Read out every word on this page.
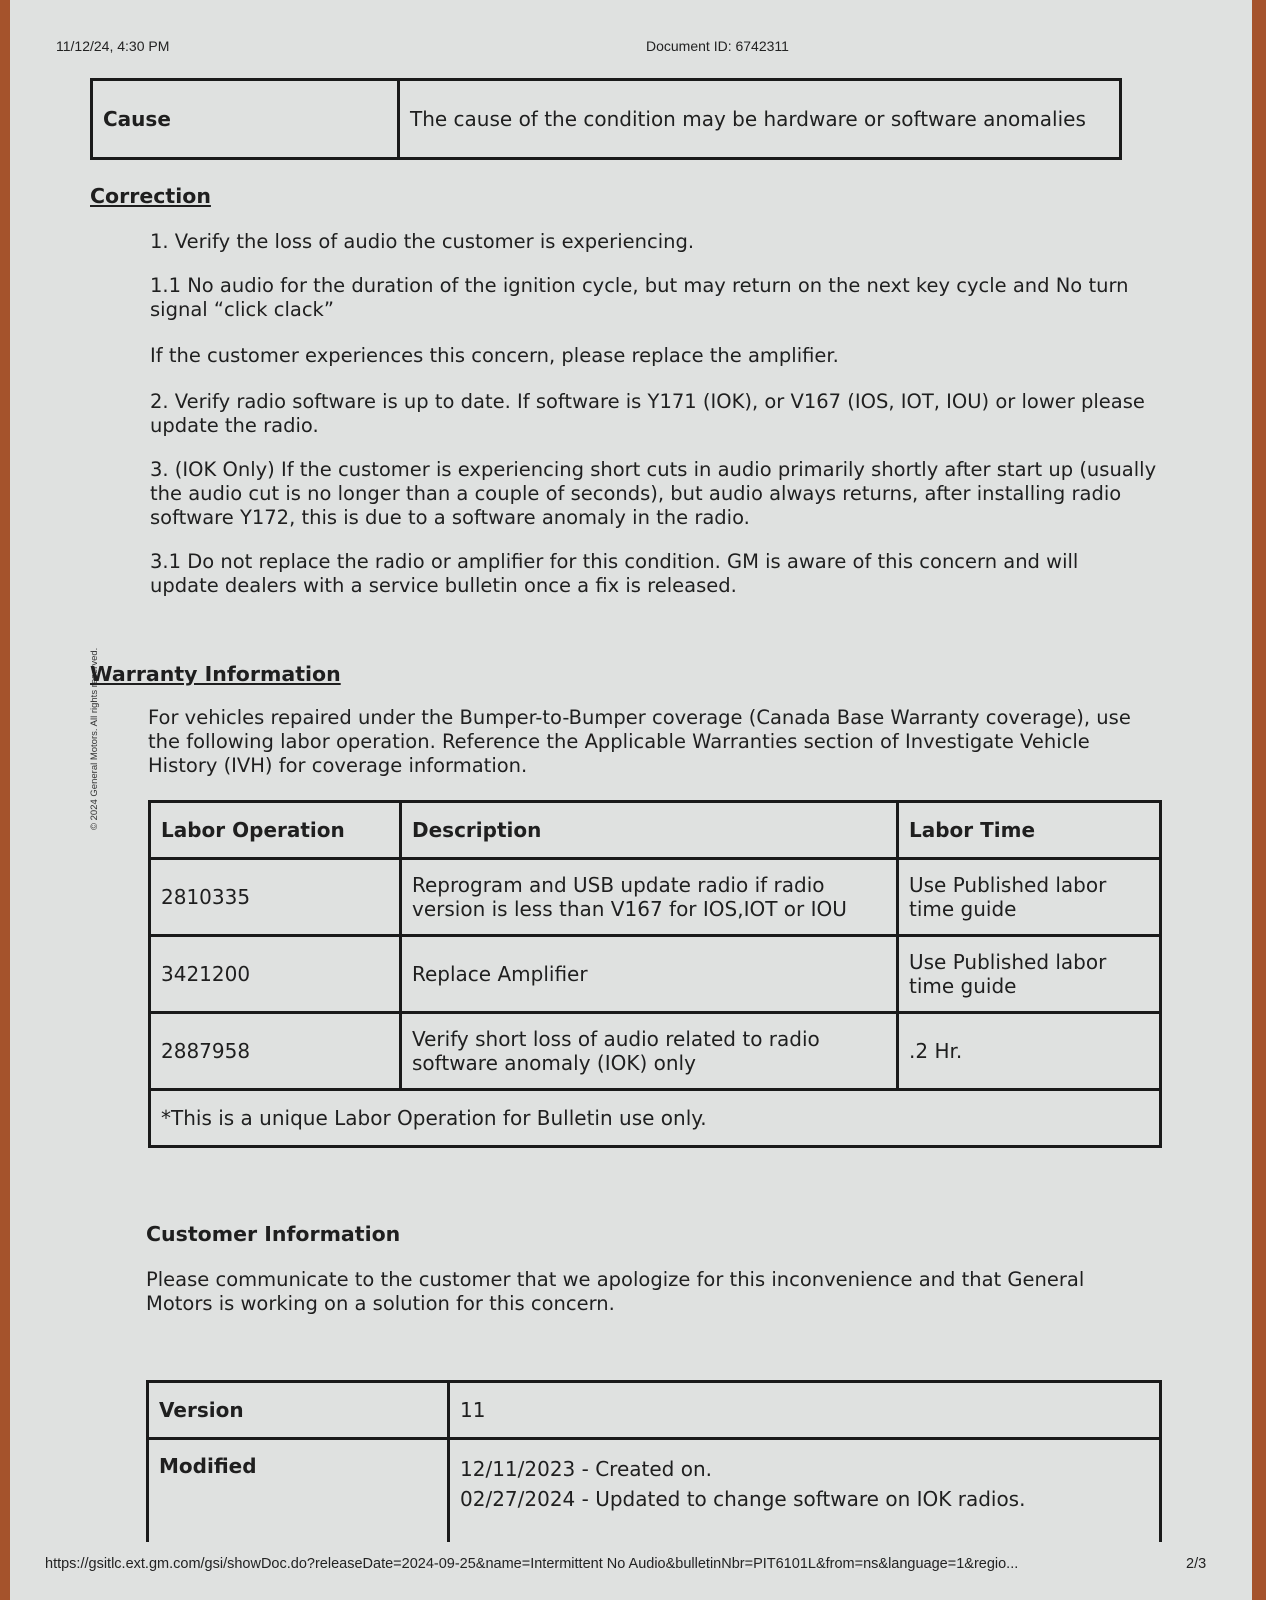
11/12/24, 4:30 PM	Document ID: 6742311
Cause	The cause of the condition may be hardware or software anomalies
Correction

1. Verify the loss of audio the customer is experiencing.

1.1 No audio for the duration of the ignition cycle, but may return on the next key cycle and No turn signal “click clack”

If the customer experiences this concern, please replace the amplifier.

2. Verify radio software is up to date. If software is Y171 (IOK), or V167 (IOS, IOT, IOU) or lower please update the radio.

3. (IOK Only) If the customer is experiencing short cuts in audio primarily shortly after start up (usually the audio cut is no longer than a couple of seconds), but audio always returns, after installing radio software Y172, this is due to a software anomaly in the radio.

3.1 Do not replace the radio or amplifier for this condition. GM is aware of this concern and will update dealers with a service bulletin once a fix is released.

© 2024 General Motors. All rights reserved.
Warranty Information

For vehicles repaired under the Bumper-to-Bumper coverage (Canada Base Warranty coverage), use the following labor operation. Reference the Applicable Warranties section of Investigate Vehicle History (IVH) for coverage information.

Labor Operation	Description	Labor Time
2810335	Reprogram and USB update radio if radio version is less than V167 for IOS,IOT or IOU	Use Published labor time guide
3421200	Replace Amplifier	Use Published labor time guide
2887958	Verify short loss of audio related to radio software anomaly (IOK) only	.2 Hr.
*This is a unique Labor Operation for Bulletin use only.		
Customer Information

Please communicate to the customer that we apologize for this inconvenience and that General Motors is working on a solution for this concern.

Version	11
Modified	12/11/2023 - Created on.
02/27/2024 - Updated to change software on IOK radios.
https://gsitlc.ext.gm.com/gsi/showDoc.do?releaseDate=2024-09-25&name=Intermittent No Audio&bulletinNbr=PIT6101L&from=ns&language=1&regio...	2/3
